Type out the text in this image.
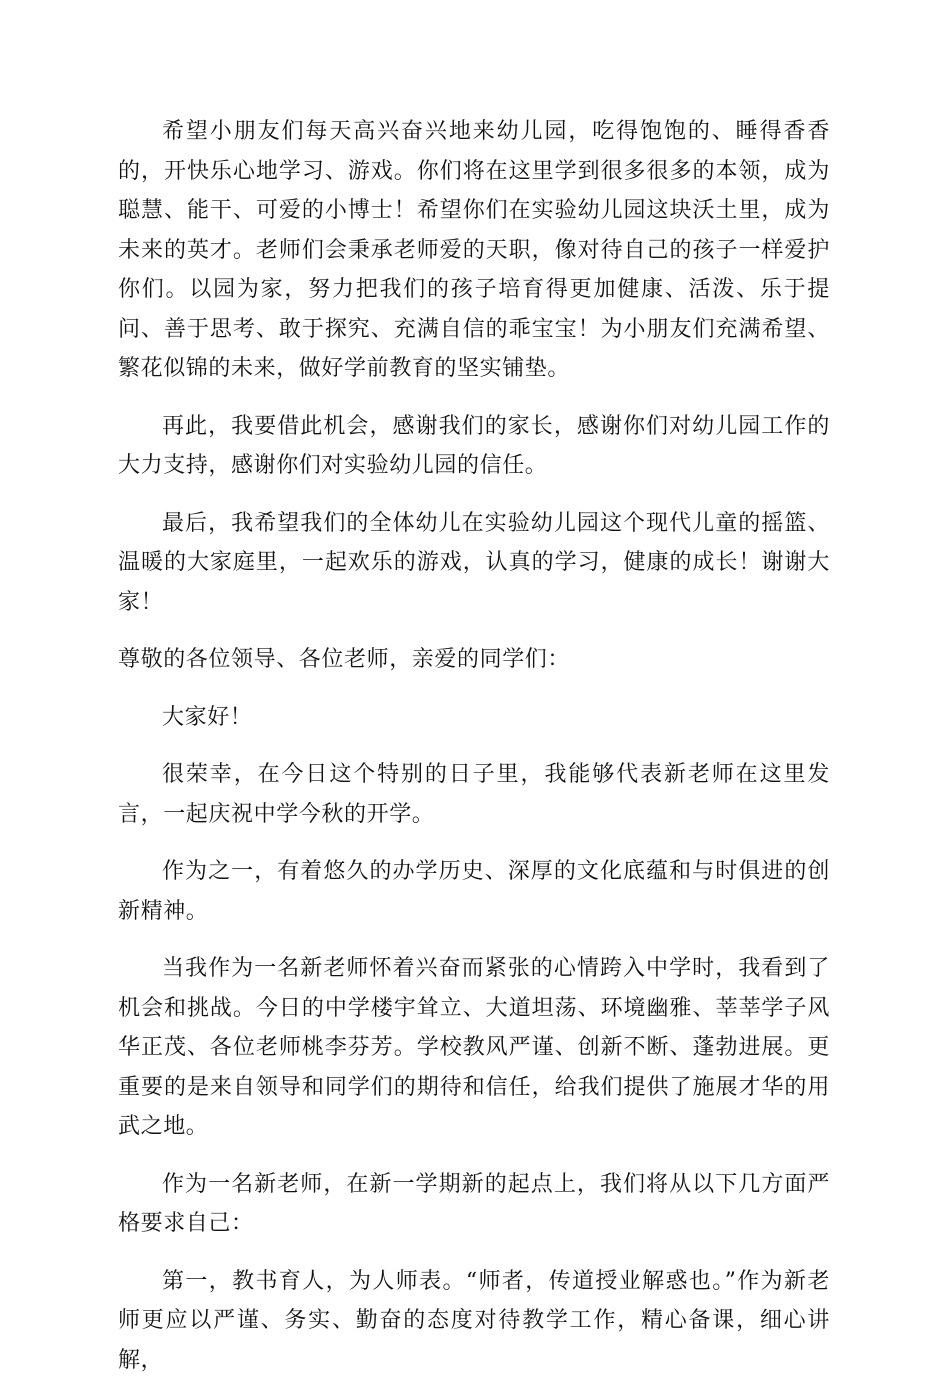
希望小朋友们每天高兴奋兴地来幼儿园，吃得饱饱的、睡得香香的，开快乐心地学习、游戏。你们将在这里学到很多很多的本领，成为聪慧、能干、可爱的小博士！希望你们在实验幼儿园这块沃土里，成为未来的英才。老师们会秉承老师爱的天职，像对待自己的孩子一样爱护你们。以园为家，努力把我们的孩子培育得更加健康、活泼、乐于提问、善于思考、敢于探究、充满自信的乖宝宝！为小朋友们充满希望、繁花似锦的未来，做好学前教育的坚实铺垫。

再此，我要借此机会，感谢我们的家长，感谢你们对幼儿园工作的大力支持，感谢你们对实验幼儿园的信任。

最后，我希望我们的全体幼儿在实验幼儿园这个现代儿童的摇篮、温暖的大家庭里，一起欢乐的游戏，认真的学习，健康的成长！谢谢大家！

尊敬的各位领导、各位老师，亲爱的同学们：

大家好！

很荣幸，在今日这个特别的日子里，我能够代表新老师在这里发言，一起庆祝中学今秋的开学。

作为之一，有着悠久的办学历史、深厚的文化底蕴和与时俱进的创新精神。

当我作为一名新老师怀着兴奋而紧张的心情跨入中学时，我看到了机会和挑战。今日的中学楼宇耸立、大道坦荡、环境幽雅、莘莘学子风华正茂、各位老师桃李芬芳。学校教风严谨、创新不断、蓬勃进展。更重要的是来自领导和同学们的期待和信任，给我们提供了施展才华的用武之地。

作为一名新老师，在新一学期新的起点上，我们将从以下几方面严格要求自己：

第一，教书育人，为人师表。“师者，传道授业解惑也。”作为新老师更应以严谨、务实、勤奋的态度对待教学工作，精心备课，细心讲解，
